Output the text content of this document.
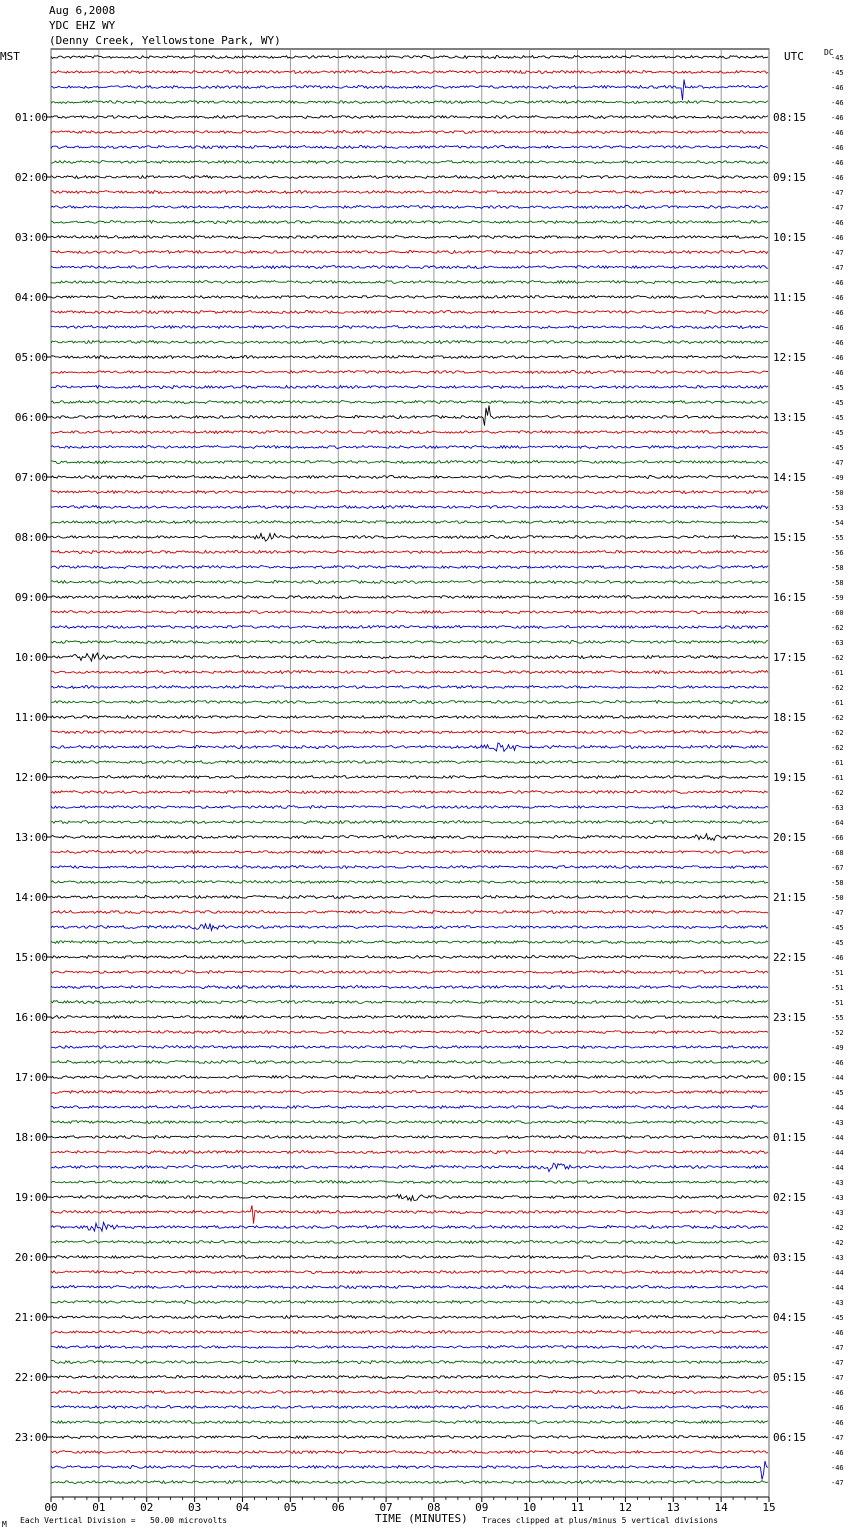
Aug 6,2008
YDC EHZ WY
(Denny Creek, Yellowstone Park, WY)
MST	UTC	DC
00	01	02	03	04	05	06	07	08	09	10	11	12	13	14	15
-45
-45
-46
-46
-46
-46
-46
-46
-46
-47
-47
-46
-46
-47
-47
-46
-46
-46
-46
-46
-46
-46
-45
-45
-45
-45
-45
-47
-49
-50
-53
-54
-55
-56
-58
-58
-59
-60
-62
-63
-62
-61
-62
-61
-62
-62
-62
-61
-61
-62
-63
-64
-66
-68
-67
-58
-50
-47
-45
-45
-46
-51
-51
-51
-55
-52
-49
-46
-44
-45
-44
-43
-44
-44
-44
-43
-43
-43
-42
-42
-43
-44
-44
-43
-45
-46
-47
-47
-47
-46
-46
-46
-47
-46
-46
-47
01:00
02:00
03:00
04:00
05:00
06:00
07:00
08:00
09:00
10:00
11:00
12:00
13:00
14:00
15:00
16:00
17:00
18:00
19:00
20:00
21:00
22:00
23:00
08:15
09:15
10:15
11:15
12:15
13:15
14:15
15:15
16:15
17:15
18:15
19:15
20:15
21:15
22:15
23:15
00:15
01:15
02:15
03:15
04:15
05:15
06:15
TIME (MINUTES)
M Each Vertical Division =   50.00 microvolts	Traces clipped at plus/minus 5 vertical divisions
